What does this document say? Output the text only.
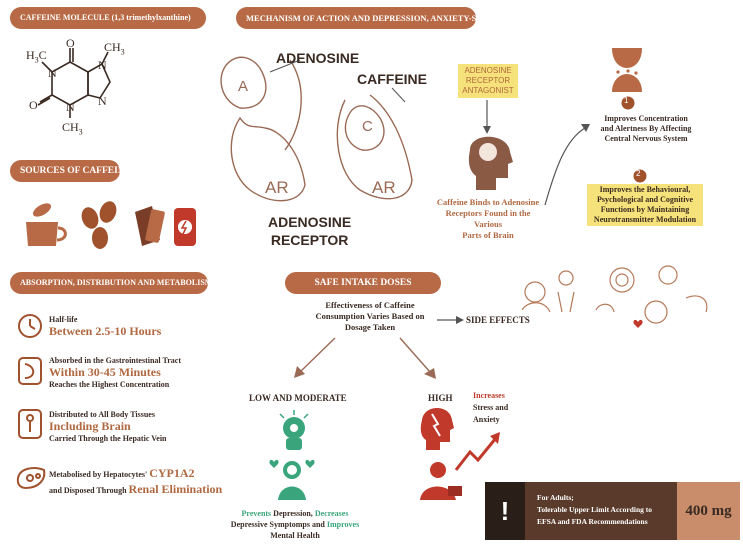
CAFFEINE MOLECULE (1,3 trimethylxanthine)	MECHANISM OF ACTION AND DEPRESSION, ANXIETY-STRESS
SOURCES OF CAFFEINE
ABSORPTION, DISTRIBUTION AND METABOLISM	SAFE INTAKE DOSES
$H_3C$
N
O $CH_3$
N
N
O N
$CH_3$
ADENOSINE
A
AR
C
AR
ADENOSINE
RECEPTOR
CAFFEINE
ADENOSINE
RECEPTOR
ANTAGONIST
Caffeine Binds to Adenosine
Receptors Found in the Various
Parts of Brain
1
Improves Concentration
and Alertness By Affecting
Central Nervous System
2
Improves the Behavioural,
Psychological and Cognitive
Functions by Maintaining
Neurotransmitter Modulation
Half-life
Between 2.5-10 Hours
Absorbed in the Gastrointestinal Tract
Within 30-45 Minutes
Reaches the Highest Concentration
Distributed to All Body Tissues
Including Brain
Carried Through the Hepatic Vein
Metabolised by Hepatocytes' CYP1A2
and Disposed Through Renal Elimination
Effectiveness of Caffeine
Consumption Varies Based on
Dosage Taken
SIDE EFFECTS
LOW AND MODERATE	HIGH	Increases
Stress and
Anxiety
Prevents Depression, Decreases
Depressive Symptomps and Improves
Mental Health
!	For Adults;
Tolerable Upper Limit According to
EFSA and FDA Recommendations
400 mg
